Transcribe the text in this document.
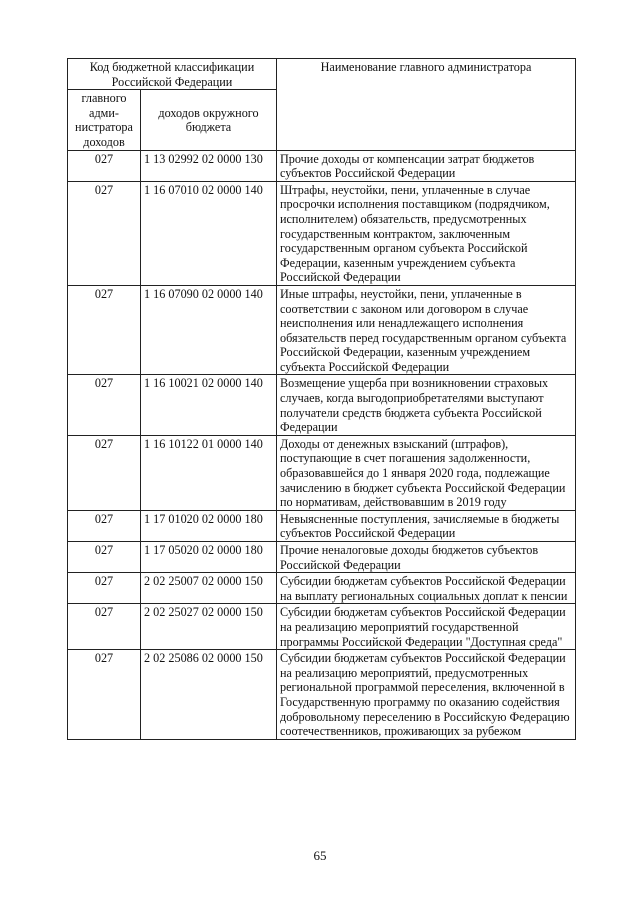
Код бюджетной классификации Российской Федерации		Наименование главного администратора
главного адми-нистратора доходов	доходов окружного бюджета	
027	1 13 02992 02 0000 130	Прочие доходы от компенсации затрат бюджетов субъектов Российской Федерации
027	1 16 07010 02 0000 140	Штрафы, неустойки, пени, уплаченные в случае просрочки исполнения поставщиком (подрядчиком, исполнителем) обязательств, предусмотренных государственным контрактом, заключенным государственным органом субъекта Российской Федерации, казенным учреждением субъекта Российской Федерации
027	1 16 07090 02 0000 140	Иные штрафы, неустойки, пени, уплаченные в соответствии с законом или договором в случае неисполнения или ненадлежащего исполнения обязательств перед государственным органом субъекта Российской Федерации, казенным учреждением субъекта Российской Федерации
027	1 16 10021 02 0000 140	Возмещение ущерба при возникновении страховых случаев, когда выгодоприобретателями выступают получатели средств бюджета субъекта Российской Федерации
027	1 16 10122 01 0000 140	Доходы от денежных взысканий (штрафов), поступающие в счет погашения задолженности, образовавшейся до 1 января 2020 года, подлежащие зачислению в бюджет субъекта Российской Федерации по нормативам, действовавшим в 2019 году
027	1 17 01020 02 0000 180	Невыясненные поступления, зачисляемые в бюджеты субъектов Российской Федерации
027	1 17 05020 02 0000 180	Прочие неналоговые доходы бюджетов субъектов Российской Федерации
027	2 02 25007 02 0000 150	Субсидии бюджетам субъектов Российской Федерации на выплату региональных социальных доплат к пенсии
027	2 02 25027 02 0000 150	Субсидии бюджетам субъектов Российской Федерации на реализацию мероприятий государственной программы Российской Федерации "Доступная среда"
027	2 02 25086 02 0000 150	Субсидии бюджетам субъектов Российской Федерации на реализацию мероприятий, предусмотренных региональной программой переселения, включенной в Государственную программу по оказанию содействия добровольному переселению в Российскую Федерацию соотечественников, проживающих за рубежом
65
